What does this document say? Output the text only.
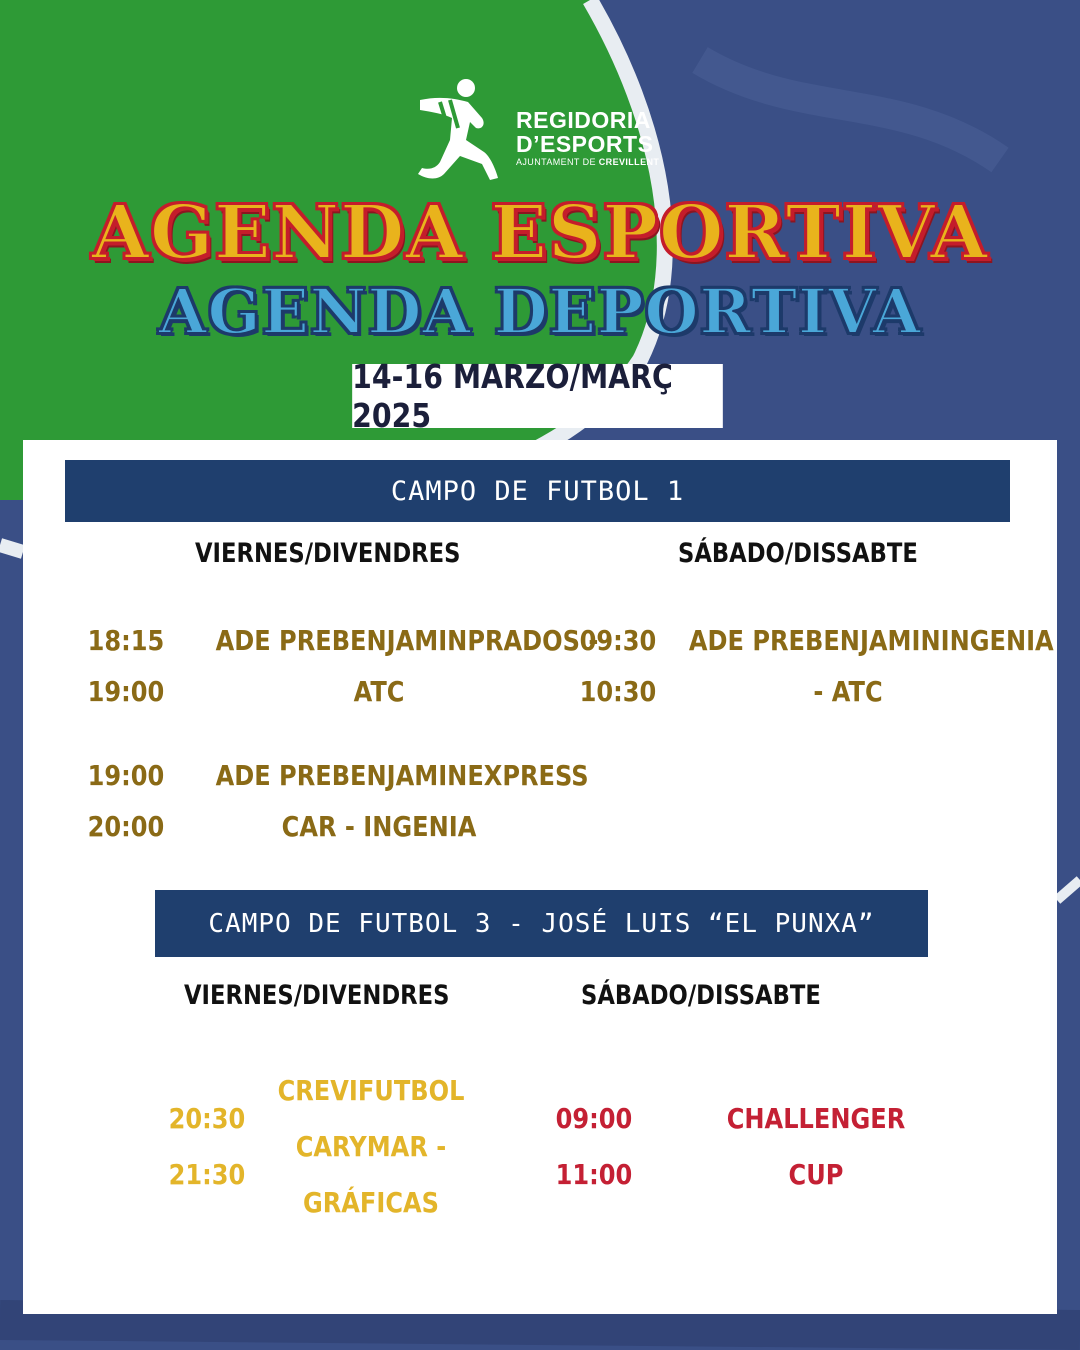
REGIDORIA
D’ESPORTS
AJUNTAMENT DE CREVILLENT
AGENDA ESPORTIVA
AGENDA DEPORTIVA
14-16 MARZO/MARÇ 2025
CAMPO DE FUTBOL 1
VIERNES/DIVENDRES	SÁBADO/DISSABTE
18:15
19:00
ADE PREBENJAMINPRADOS -
ATC
19:00
20:00
ADE PREBENJAMINEXPRESS
CAR - INGENIA
09:30
10:30
ADE PREBENJAMININGENIA
- ATC
CAMPO DE FUTBOL 3 - JOSÉ LUIS “EL PUNXA”
VIERNES/DIVENDRES	SÁBADO/DISSABTE
20:30
21:30
CREVIFUTBOL
CARYMAR -
GRÁFICAS
09:00
11:00
CHALLENGER
CUP
